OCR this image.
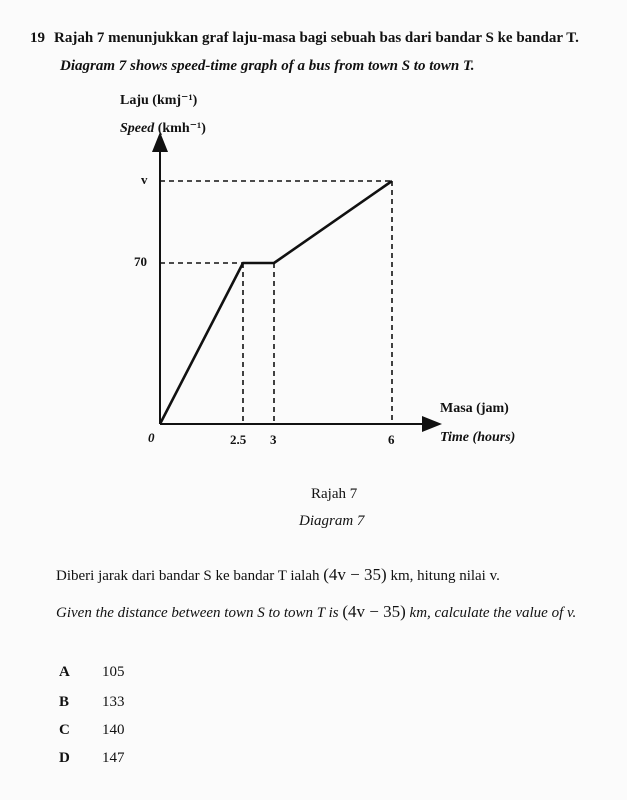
19 Rajah 7 menunjukkan graf laju-masa bagi sebuah bas dari bandar S ke bandar T.
Diagram 7 shows speed-time graph of a bus from town S to town T.
Laju (kmj⁻¹)
Speed (kmh⁻¹)
v
70
0	2.5 3	6
Masa (jam)
Time (hours)
Rajah 7
Diagram 7
Diberi jarak dari bandar S ke bandar T ialah (4v − 35) km, hitung nilai v.
Given the distance between town S to town T is (4v − 35) km, calculate the value of v.
A 105
B 133
C 140
D 147
